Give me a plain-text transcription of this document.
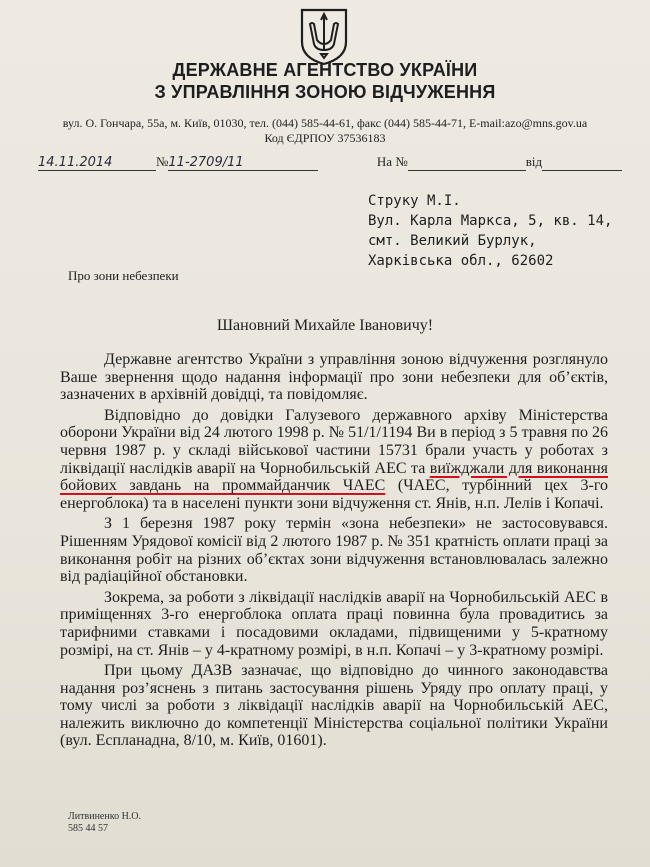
ДЕРЖАВНЕ АГЕНТСТВО УКРАЇНИ
З УПРАВЛІННЯ ЗОНОЮ ВІДЧУЖЕННЯ
вул. О. Гончара, 55а, м. Київ, 01030, тел. (044) 585-44-61, факс (044) 585-44-71, E-mail:azo@mns.gov.ua
Код ЄДРПОУ 37536183
14.11.2014	№11-2709/11	На №	від
Струку М.І.
Вул. Карла Маркса, 5, кв. 14,
смт. Великий Бурлук,
Харківська обл., 62602
Про зони небезпеки
Шановний Михайле Івановичу!

Державне агентство України з управління зоною відчуження розглянуло Ваше звернення щодо надання інформації про зони небезпеки для об’єктів, зазначених в архівній довідці, та повідомляє.

Відповідно до довідки Галузевого державного архіву Міністерства оборони України від 24 лютого 1998 р. № 51/1/1194 Ви в період з 5 травня по 26 червня 1987 р. у складі військової частини 15731 брали участь у роботах з ліквідації наслідків аварії на Чорнобильській АЕС та виїжджали для виконання бойових завдань на проммайданчик ЧАЕС (ЧАЕС, турбінний цех 3-го енергоблока) та в населені пункти зони відчуження ст. Янів, н.п. Лелів і Копачі.

З 1 березня 1987 року термін «зона небезпеки» не застосовувався. Рішенням Урядової комісії від 2 лютого 1987 р. № 351 кратність оплати праці за виконання робіт на різних об’єктах зони відчуження встановлювалась залежно від радіаційної обстановки.

Зокрема, за роботи з ліквідації наслідків аварії на Чорнобильській АЕС в приміщеннях 3-го енергоблока оплата праці повинна була провадитись за тарифними ставками і посадовими окладами, підвищеними у 5-кратному розмірі, на ст. Янів – у 4-кратному розмірі, в н.п. Копачі – у 3-кратному розмірі.

При цьому ДАЗВ зазначає, що відповідно до чинного законодавства надання роз’яснень з питань застосування рішень Уряду про оплату праці, у тому числі за роботи з ліквідації наслідків аварії на Чорнобильській АЕС, належить виключно до компетенції Міністерства соціальної політики України (вул. Еспланадна, 8/10, м. Київ, 01601).

Литвиненко Н.О.
585 44 57
